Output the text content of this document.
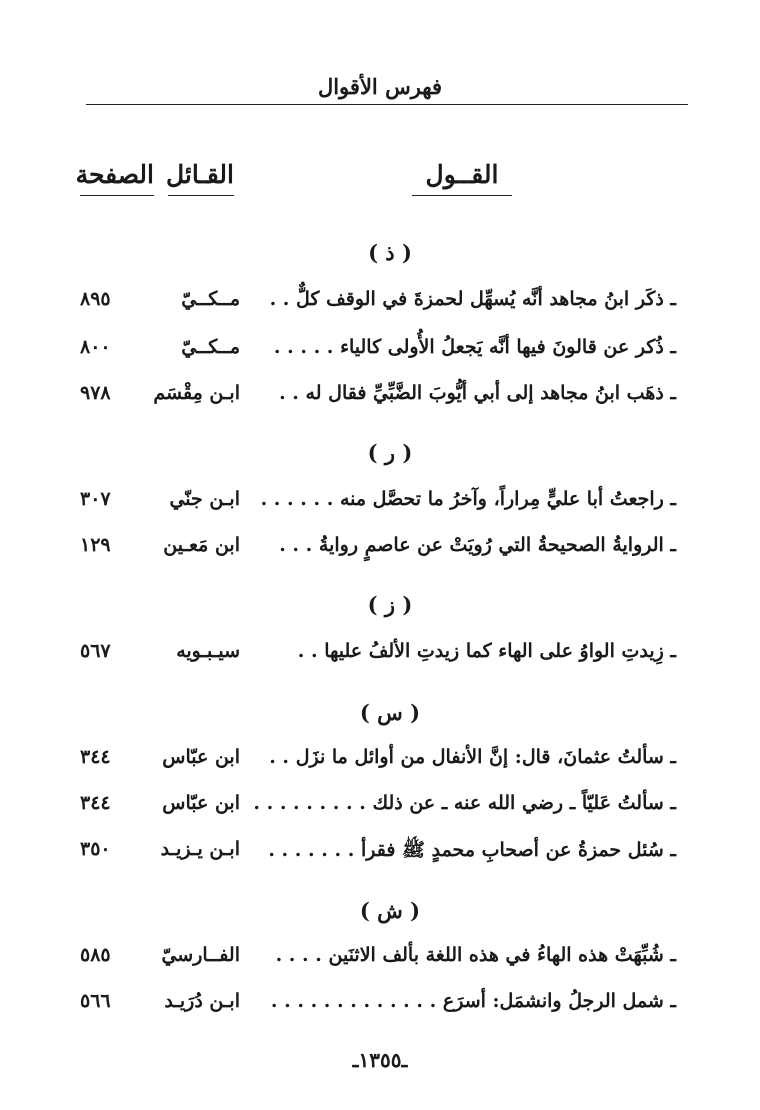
فهرس الأقوال
القــول
القـائل
الصفحة
( ذ )
ـ ذكَر ابنُ مجاهد أنَّه يُسهِّل لحمزةَ في الوقف كلٌّ . .
مــكــيّ
٨٩٥
ـ ذُكر عن قالونَ فيها أنَّه يَجعلُ الأُولى كالياء . . . . .
مــكــيّ
٨٠٠
ـ ذهَب ابنُ مجاهد إلى أبي أيُّوبَ الضَّبِّيِّ فقال له . .
ابـن مِقْسَم
٩٧٨
( ر )
ـ راجعتُ أبا عليٍّ مِراراً، وآخرُ ما تحصَّل منه . . . . . .
ابـن جنّي
٣٠٧
ـ الروايةُ الصحيحةُ التي رُويَتْ عن عاصمٍ روايةُ . . .
ابن مَعـين
١٢٩
( ز )
ـ زِيدتِ الواوُ على الهاء كما زيدتِ الألفُ عليها . .
سيـبـويه
٥٦٧
( س )
ـ سألتُ عثمانَ، قال: إنَّ الأنفال من أوائل ما نزَل . .
ابن عبّاس
٣٤٤
ـ سألتُ عَليّاً ـ رضي الله عنه ـ عن ذلك . . . . . . . . .
ابن عبّاس
٣٤٤
ـ سُئل حمزةُ عن أصحابِ محمدٍ ﷺ فقرأ . . . . . . .
ابـن يـزيـد
٣٥٠
( ش )
ـ شُبِّهَتْ هذه الهاءُ في هذه اللغة بألف الاثنَين . . . .
الفــارسيّ
٥٨٥
ـ شمل الرجلُ وانشمَل: أسرَع . . . . . . . . . . . . .
ابـن دُرَيـد
٥٦٦
ـ١٣٥٥ـ
